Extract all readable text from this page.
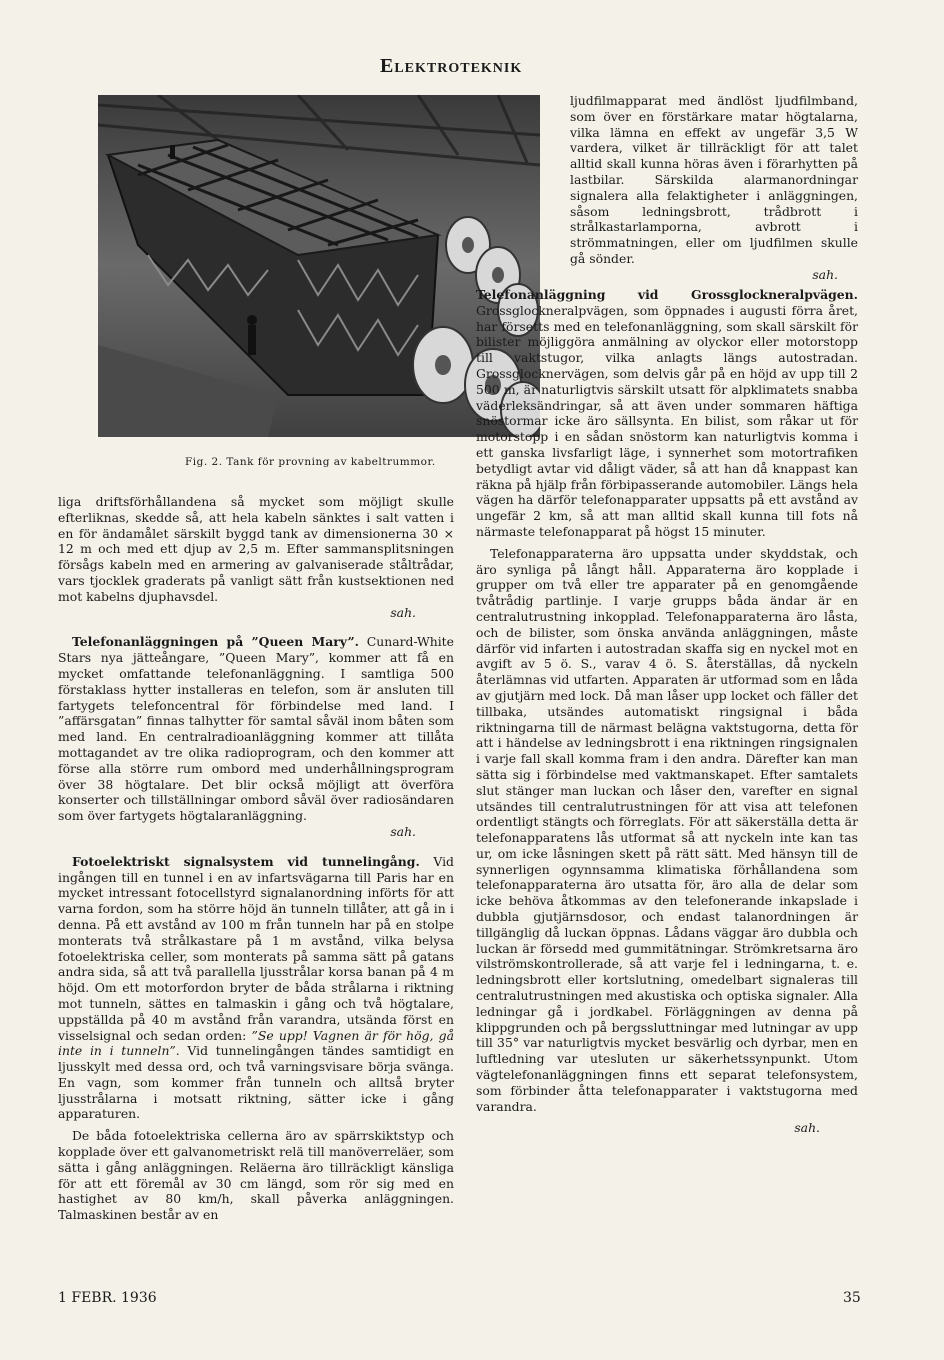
Elektroteknik
Fig. 2. Tank för provning av kabeltrummor.

liga driftsförhållandena så mycket som möjligt skulle efterliknas, skedde så, att hela kabeln sänktes i salt vatten i en för ändamålet särskilt byggd tank av dimensionerna 30 × 12 m och med ett djup av 2,5 m. Efter sammansplitsningen försågs kabeln med en armering av galvaniserade ståltrådar, vars tjocklek graderats på vanligt sätt från kustsektionen ned mot kabelns djuphavsdel.
sah.

Telefonanläggningen på ”Queen Mary”. Cunard-White Stars nya jätteångare, ”Queen Mary”, kommer att få en mycket omfattande telefonanläggning. I samtliga 500 förstaklass hytter installeras en telefon, som är ansluten till fartygets telefoncentral för förbindelse med land. I ”affärsgatan” finnas talhytter för samtal såväl inom båten som med land. En centralradioanläggning kommer att tillåta mottagandet av tre olika radioprogram, och den kommer att förse alla större rum ombord med underhållningsprogram över 38 högtalare. Det blir också möjligt att överföra konserter och tillställningar ombord såväl över radiosändaren som över fartygets högtalaranläggning.
sah.

Fotoelektriskt signalsystem vid tunnelingång. Vid ingången till en tunnel i en av infartsvägarna till Paris har en mycket intressant fotocellstyrd signalanordning införts för att varna fordon, som ha större höjd än tunneln tillåter, att gå in i denna. På ett avstånd av 100 m från tunneln har på en stolpe monterats två strålkastare på 1 m avstånd, vilka belysa fotoelektriska celler, som monterats på samma sätt på gatans andra sida, så att två parallella ljusstrålar korsa banan på 4 m höjd. Om ett motorfordon bryter de båda strålarna i riktning mot tunneln, sättes en talmaskin i gång och två högtalare, uppställda på 40 m avstånd från varandra, utsända först en visselsignal och sedan orden: ”Se upp! Vagnen är för hög, gå inte in i tunneln”. Vid tunnelingången tändes samtidigt en ljusskylt med dessa ord, och två varningsvisare börja svänga. En vagn, som kommer från tunneln och alltså bryter ljusstrålarna i motsatt riktning, sätter icke i gång apparaturen.

De båda fotoelektriska cellerna äro av spärrskiktstyp och kopplade över ett galvanometriskt relä till manöverreläer, som sätta i gång anläggningen. Reläerna äro tillräckligt känsliga för att ett föremål av 30 cm längd, som rör sig med en hastighet av 80 km/h, skall påverka anläggningen. Talmaskinen består av en

ljudfilmapparat med ändlöst ljudfilmband, som över en förstärkare matar högtalarna, vilka lämna en effekt av ungefär 3,5 W vardera, vilket är tillräckligt för att talet alltid skall kunna höras även i förarhytten på lastbilar. Särskilda alarmanordningar signalera alla felaktigheter i anläggningen, såsom ledningsbrott, trådbrott i strålkastarlamporna, avbrott i strömmatningen, eller om ljudfilmen skulle gå sönder.
sah.

Telefonanläggning vid Grossglockneralpvägen. Grossglockneralpvägen, som öppnades i augusti förra året, har försetts med en telefonanläggning, som skall särskilt för bilister möjliggöra anmälning av olyckor eller motorstopp till vaktstugor, vilka anlagts längs autostradan. Grossglocknervägen, som delvis går på en höjd av upp till 2 500 m, är naturligtvis särskilt utsatt för alpklimatets snabba väderleksändringar, så att även under sommaren häftiga snöstormar icke äro sällsynta. En bilist, som råkar ut för motorstopp i en sådan snöstorm kan naturligtvis komma i ett ganska livsfarligt läge, i synnerhet som motortrafiken betydligt avtar vid dåligt väder, så att han då knappast kan räkna på hjälp från förbipasserande automobiler. Längs hela vägen ha därför telefonapparater uppsatts på ett avstånd av ungefär 2 km, så att man alltid skall kunna till fots nå närmaste telefonapparat på högst 15 minuter.

Telefonapparaterna äro uppsatta under skyddstak, och äro synliga på långt håll. Apparaterna äro kopplade i grupper om två eller tre apparater på en genomgående tvåtrådig partlinje. I varje grupps båda ändar är en centralutrustning inkopplad. Telefonapparaterna äro låsta, och de bilister, som önska använda anläggningen, måste därför vid infarten i autostradan skaffa sig en nyckel mot en avgift av 5 ö. S., varav 4 ö. S. återställas, då nyckeln återlämnas vid utfarten. Apparaten är utformad som en låda av gjutjärn med lock. Då man låser upp locket och fäller det tillbaka, utsändes automatiskt ringsignal i båda riktningarna till de närmast belägna vaktstugorna, detta för att i händelse av ledningsbrott i ena riktningen ringsignalen i varje fall skall komma fram i den andra. Därefter kan man sätta sig i förbindelse med vaktmanskapet. Efter samtalets slut stänger man luckan och låser den, varefter en signal utsändes till centralutrustningen för att visa att telefonen ordentligt stängts och förreglats. För att säkerställa detta är telefonapparatens lås utformat så att nyckeln inte kan tas ur, om icke låsningen skett på rätt sätt. Med hänsyn till de synnerligen ogynnsamma klimatiska förhållandena som telefonapparaterna äro utsatta för, äro alla de delar som icke behöva åtkommas av den telefonerande inkapslade i dubbla gjutjärnsdosor, och endast talanordningen är tillgänglig då luckan öppnas. Lådans väggar äro dubbla och luckan är försedd med gummitätningar. Strömkretsarna äro vilströmskontrollerade, så att varje fel i ledningarna, t. e. ledningsbrott eller kortslutning, omedelbart signaleras till centralutrustningen med akustiska och optiska signaler. Alla ledningar gå i jordkabel. Förläggningen av denna på klippgrunden och på bergssluttningar med lutningar av upp till 35° var naturligtvis mycket besvärlig och dyrbar, men en luftledning var utesluten ur säkerhetssynpunkt. Utom vägtelefonanläggningen finns ett separat telefonsystem, som förbinder åtta telefonapparater i vaktstugorna med varandra.

sah.

1 FEBR. 1936	35
